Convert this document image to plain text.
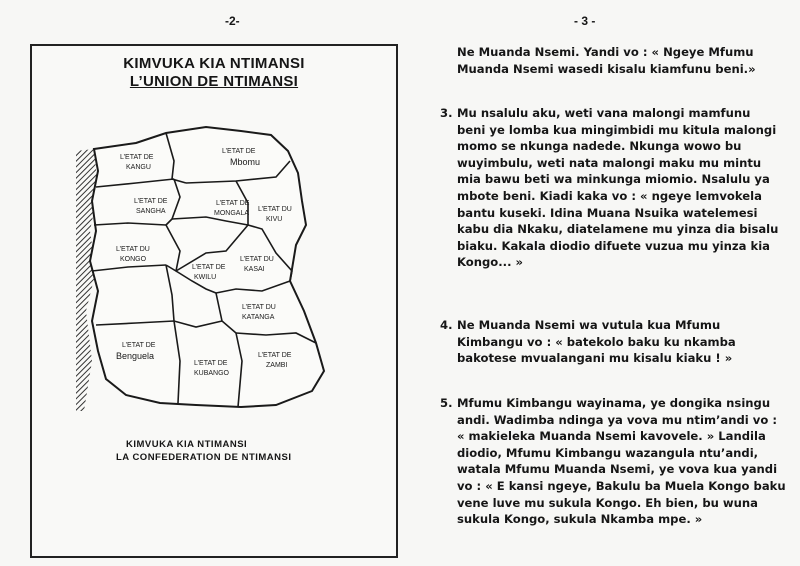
-2-	- 3 -
KIMVUKA KIA NTIMANSI
L’UNION DE NTIMANSI
L’ETAT DE
Mbomu
L’ETAT DE
KANGU
L’ETAT DE
SANGHA
L’ETAT DE
MONGALA
L’ETAT DU
KIVU
L’ETAT DU
KONGO
L’ETAT DE
KWILU
L’ETAT DU
KASAI
L’ETAT DU
KATANGA
L’ETAT DE
Benguela
L’ETAT DE
KUBANGO
L’ETAT DE
ZAMBI
KIMVUKA KIA NTIMANSI
LA CONFEDERATION DE NTIMANSI
Ne Muanda Nsemi. Yandi vo : « Ngeye Mfumu
Muanda Nsemi wasedi kisalu kiamfunu beni.»
3. Mu nsalulu aku, weti vana malongi mamfunu
beni ye lomba kua mingimbidi mu kitula malongi
momo se nkunga nadede. Nkunga wowo bu
wuyimbulu, weti nata malongi maku mu mintu
mia bawu beti wa minkunga miomio. Nsalulu ya
mbote beni. Kiadi kaka vo : « ngeye lemvokela
bantu kuseki. Idina Muana Nsuika watelemesi
kabu dia Nkaku, diatelamene mu yinza dia bisalu
biaku. Kakala diodio difuete vuzua mu yinza kia
Kongo... »
4. Ne Muanda Nsemi wa vutula kua Mfumu
Kimbangu vo : « batekolo baku ku nkamba
bakotese mvualangani mu kisalu kiaku ! »
5. Mfumu Kimbangu wayinama, ye dongika nsingu
andi. Wadimba ndinga ya vova mu ntim’andi vo :
« makieleka Muanda Nsemi kavovele. » Landila
diodio, Mfumu Kimbangu wazangula ntu’andi,
watala Mfumu Muanda Nsemi, ye vova kua yandi
vo : « E kansi ngeye, Bakulu ba Muela Kongo baku
vene luve mu sukula Kongo. Eh bien, bu wuna
sukula Kongo, sukula Nkamba mpe. »
